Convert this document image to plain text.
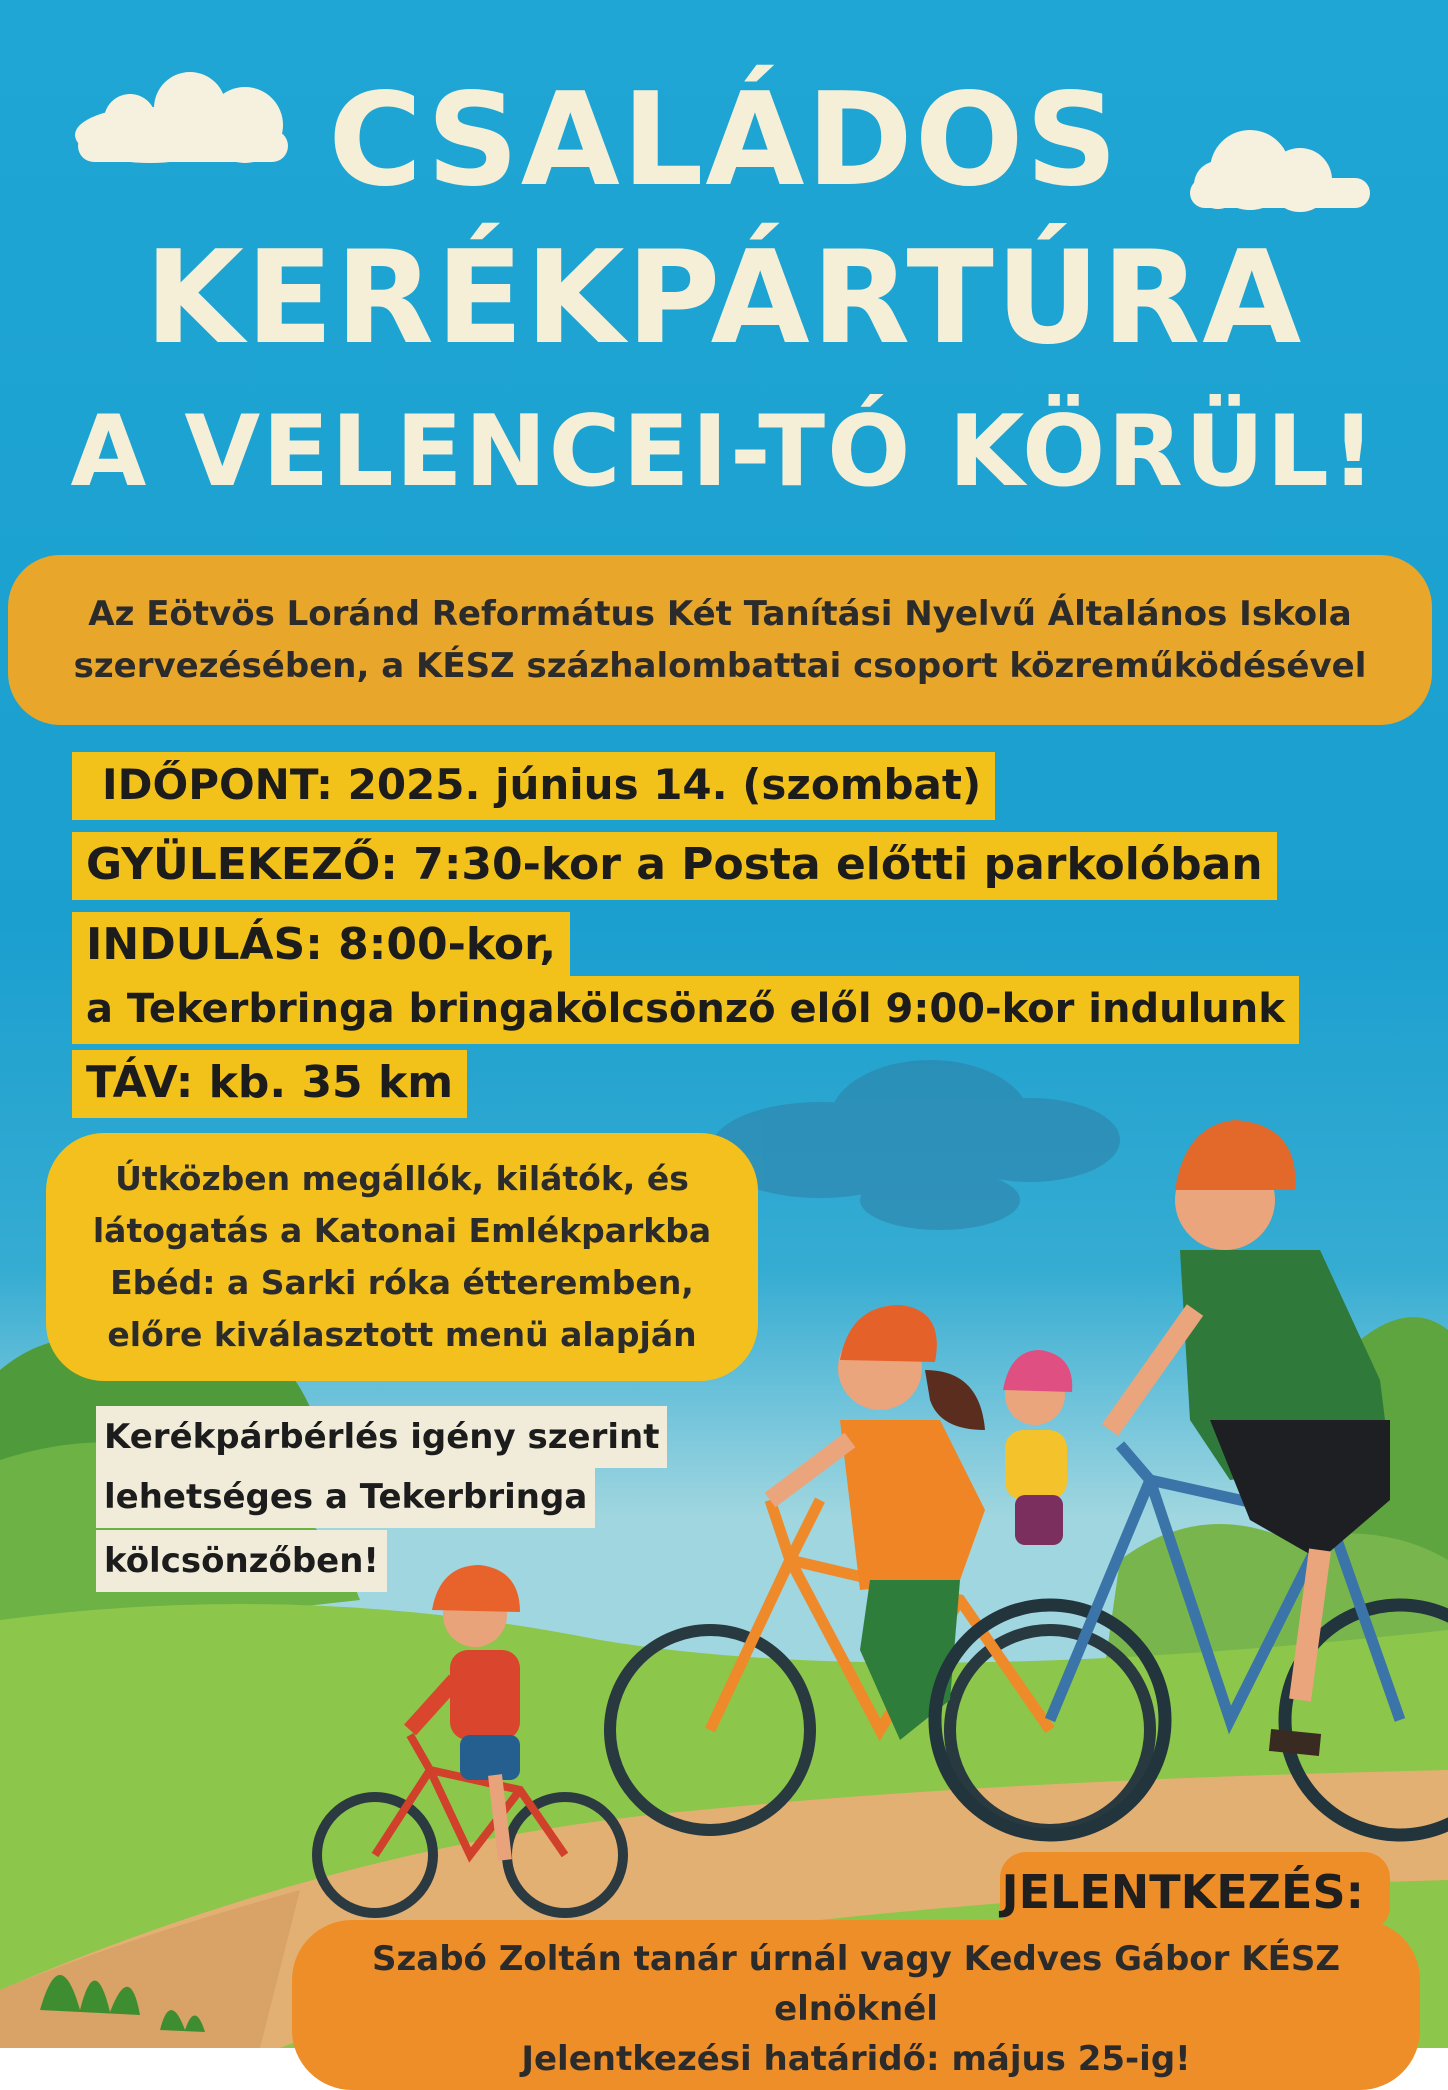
CSALÁDOS
KERÉKPÁRTÚRA
A VELENCEI-TÓ KÖRÜL!
Az Eötvös Loránd Református Két Tanítási Nyelvű Általános Iskola
szervezésében, a KÉSZ százhalombattai csoport közreműködésével
IDŐPONT: 2025. június 14. (szombat)
GYÜLEKEZŐ: 7:30-kor a Posta előtti parkolóban
INDULÁS: 8:00-kor,
a Tekerbringa bringakölcsönző elől 9:00-kor indulunk
TÁV: kb. 35 km
Útközben megállók, kilátók, és
látogatás a Katonai Emlékparkba
Ebéd: a Sarki róka étteremben,
előre kiválasztott menü alapján
Kerékpárbérlés igény szerint
lehetséges a Tekerbringa
kölcsönzőben!
JELENTKEZÉS:
Szabó Zoltán tanár úrnál vagy Kedves Gábor KÉSZ elnöknél
Jelentkezési határidő: május 25-ig!
